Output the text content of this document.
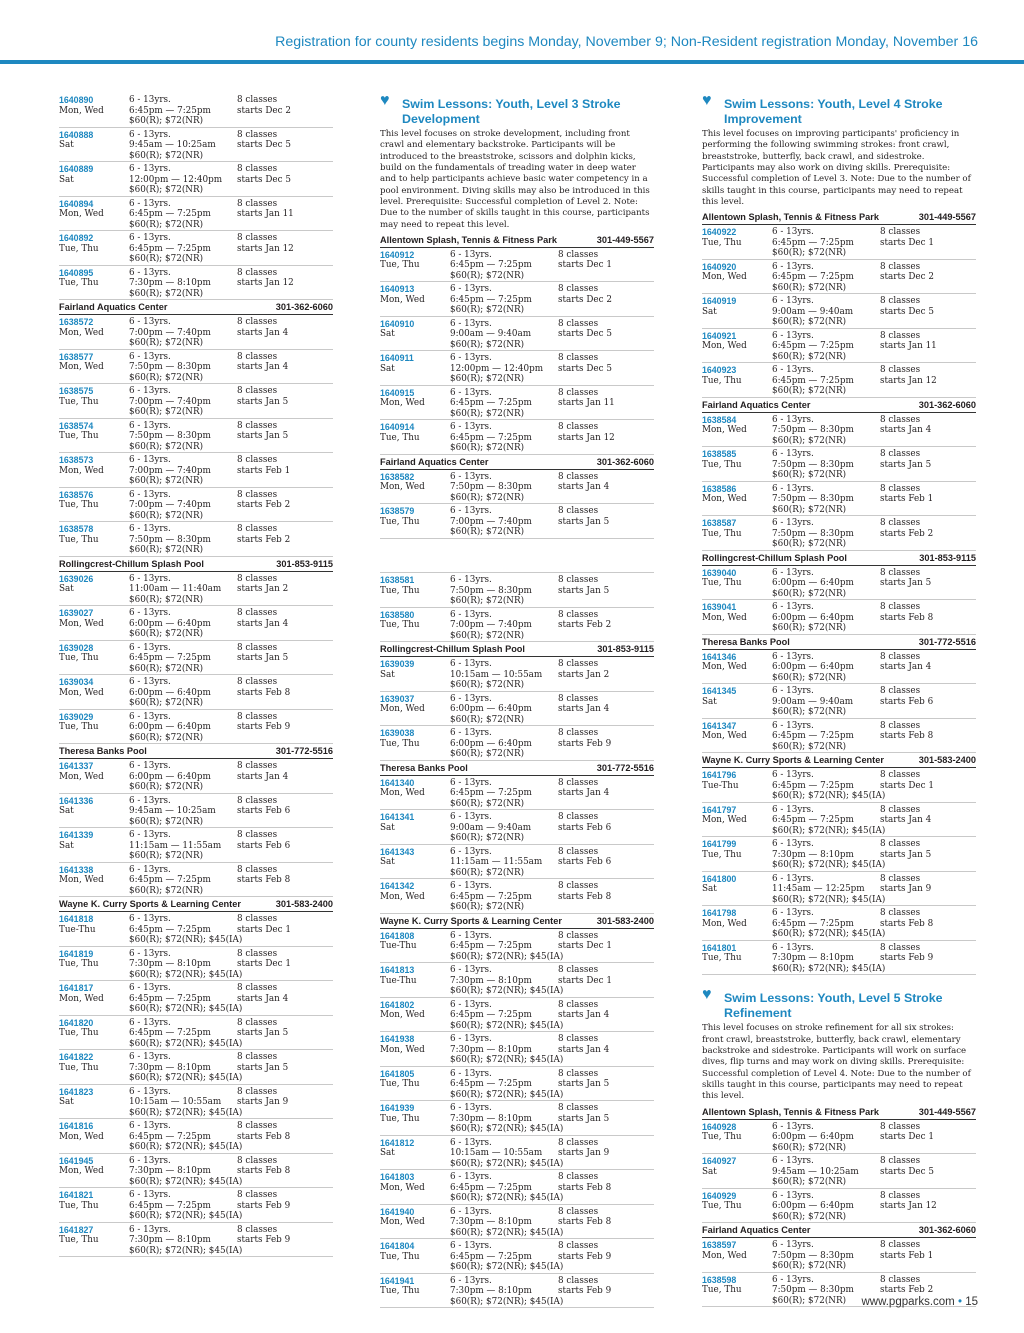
Registration for county residents begins Monday, November 9; Non-Resident registration Monday, November 16
1640890
Mon, Wed
6 - 13yrs.
6:45pm — 7:25pm
$60(R); $72(NR)
8 classes
starts Dec 2
1640888
Sat
6 - 13yrs.
9:45am — 10:25am
$60(R); $72(NR)
8 classes
starts Dec 5
1640889
Sat
6 - 13yrs.
12:00pm — 12:40pm
$60(R); $72(NR)
8 classes
starts Dec 5
1640894
Mon, Wed
6 - 13yrs.
6:45pm — 7:25pm
$60(R); $72(NR)
8 classes
starts Jan 11
1640892
Tue, Thu
6 - 13yrs.
6:45pm — 7:25pm
$60(R); $72(NR)
8 classes
starts Jan 12
1640895
Tue, Thu
6 - 13yrs.
7:30pm — 8:10pm
$60(R); $72(NR)
8 classes
starts Jan 12
Fairland Aquatics Center	301-362-6060
1638572
Mon, Wed
6 - 13yrs.
7:00pm — 7:40pm
$60(R); $72(NR)
8 classes
starts Jan 4
1638577
Mon, Wed
6 - 13yrs.
7:50pm — 8:30pm
$60(R); $72(NR)
8 classes
starts Jan 4
1638575
Tue, Thu
6 - 13yrs.
7:00pm — 7:40pm
$60(R); $72(NR)
8 classes
starts Jan 5
1638574
Tue, Thu
6 - 13yrs.
7:50pm — 8:30pm
$60(R); $72(NR)
8 classes
starts Jan 5
1638573
Mon, Wed
6 - 13yrs.
7:00pm — 7:40pm
$60(R); $72(NR)
8 classes
starts Feb 1
1638576
Tue, Thu
6 - 13yrs.
7:00pm — 7:40pm
$60(R); $72(NR)
8 classes
starts Feb 2
1638578
Tue, Thu
6 - 13yrs.
7:50pm — 8:30pm
$60(R); $72(NR)
8 classes
starts Feb 2
Rollingcrest-Chillum Splash Pool	301-853-9115
1639026
Sat
6 - 13yrs.
11:00am — 11:40am
$60(R); $72(NR)
8 classes
starts Jan 2
1639027
Mon, Wed
6 - 13yrs.
6:00pm — 6:40pm
$60(R); $72(NR)
8 classes
starts Jan 4
1639028
Tue, Thu
6 - 13yrs.
6:45pm — 7:25pm
$60(R); $72(NR)
8 classes
starts Jan 5
1639034
Mon, Wed
6 - 13yrs.
6:00pm — 6:40pm
$60(R); $72(NR)
8 classes
starts Feb 8
1639029
Tue, Thu
6 - 13yrs.
6:00pm — 6:40pm
$60(R); $72(NR)
8 classes
starts Feb 9
Theresa Banks Pool	301-772-5516
1641337
Mon, Wed
6 - 13yrs.
6:00pm — 6:40pm
$60(R); $72(NR)
8 classes
starts Jan 4
1641336
Sat
6 - 13yrs.
9:45am — 10:25am
$60(R); $72(NR)
8 classes
starts Feb 6
1641339
Sat
6 - 13yrs.
11:15am — 11:55am
$60(R); $72(NR)
8 classes
starts Feb 6
1641338
Mon, Wed
6 - 13yrs.
6:45pm — 7:25pm
$60(R); $72(NR)
8 classes
starts Feb 8
Wayne K. Curry Sports & Learning Center	301-583-2400
1641818
Tue-Thu
6 - 13yrs.
6:45pm — 7:25pm
$60(R); $72(NR); $45(IA)
8 classes
starts Dec 1
1641819
Tue, Thu
6 - 13yrs.
7:30pm — 8:10pm
$60(R); $72(NR); $45(IA)
8 classes
starts Dec 1
1641817
Mon, Wed
6 - 13yrs.
6:45pm — 7:25pm
$60(R); $72(NR); $45(IA)
8 classes
starts Jan 4
1641820
Tue, Thu
6 - 13yrs.
6:45pm — 7:25pm
$60(R); $72(NR); $45(IA)
8 classes
starts Jan 5
1641822
Tue, Thu
6 - 13yrs.
7:30pm — 8:10pm
$60(R); $72(NR); $45(IA)
8 classes
starts Jan 5
1641823
Sat
6 - 13yrs.
10:15am — 10:55am
$60(R); $72(NR); $45(IA)
8 classes
starts Jan 9
1641816
Mon, Wed
6 - 13yrs.
6:45pm — 7:25pm
$60(R); $72(NR); $45(IA)
8 classes
starts Feb 8
1641945
Mon, Wed
6 - 13yrs.
7:30pm — 8:10pm
$60(R); $72(NR); $45(IA)
8 classes
starts Feb 8
1641821
Tue, Thu
6 - 13yrs.
6:45pm — 7:25pm
$60(R); $72(NR); $45(IA)
8 classes
starts Feb 9
1641827
Tue, Thu
6 - 13yrs.
7:30pm — 8:10pm
$60(R); $72(NR); $45(IA)
8 classes
starts Feb 9
♥ Swim Lessons: Youth, Level 3 Stroke Development
This level focuses on stroke development, including front crawl and elementary backstroke. Participants will be introduced to the breaststroke, scissors and dolphin kicks, build on the fundamentals of treading water in deep water and to help participants achieve basic water competency in a pool environment. Diving skills may also be introduced in this level. Prerequisite: Successful completion of Level 2. Note: Due to the number of skills taught in this course, participants may need to repeat this level.
Allentown Splash, Tennis & Fitness Park	301-449-5567
1640912
Tue, Thu
6 - 13yrs.
6:45pm — 7:25pm
$60(R); $72(NR)
8 classes
starts Dec 1
1640913
Mon, Wed
6 - 13yrs.
6:45pm — 7:25pm
$60(R); $72(NR)
8 classes
starts Dec 2
1640910
Sat
6 - 13yrs.
9:00am — 9:40am
$60(R); $72(NR)
8 classes
starts Dec 5
1640911
Sat
6 - 13yrs.
12:00pm — 12:40pm
$60(R); $72(NR)
8 classes
starts Dec 5
1640915
Mon, Wed
6 - 13yrs.
6:45pm — 7:25pm
$60(R); $72(NR)
8 classes
starts Jan 11
1640914
Tue, Thu
6 - 13yrs.
6:45pm — 7:25pm
$60(R); $72(NR)
8 classes
starts Jan 12
Fairland Aquatics Center	301-362-6060
1638582
Mon, Wed
6 - 13yrs.
7:50pm — 8:30pm
$60(R); $72(NR)
8 classes
starts Jan 4
1638579
Tue, Thu
6 - 13yrs.
7:00pm — 7:40pm
$60(R); $72(NR)
8 classes
starts Jan 5
1638581
Tue, Thu
6 - 13yrs.
7:50pm — 8:30pm
$60(R); $72(NR)
8 classes
starts Jan 5
1638580
Tue, Thu
6 - 13yrs.
7:00pm — 7:40pm
$60(R); $72(NR)
8 classes
starts Feb 2
Rollingcrest-Chillum Splash Pool	301-853-9115
1639039
Sat
6 - 13yrs.
10:15am — 10:55am
$60(R); $72(NR)
8 classes
starts Jan 2
1639037
Mon, Wed
6 - 13yrs.
6:00pm — 6:40pm
$60(R); $72(NR)
8 classes
starts Jan 4
1639038
Tue, Thu
6 - 13yrs.
6:00pm — 6:40pm
$60(R); $72(NR)
8 classes
starts Feb 9
Theresa Banks Pool	301-772-5516
1641340
Mon, Wed
6 - 13yrs.
6:45pm — 7:25pm
$60(R); $72(NR)
8 classes
starts Jan 4
1641341
Sat
6 - 13yrs.
9:00am — 9:40am
$60(R); $72(NR)
8 classes
starts Feb 6
1641343
Sat
6 - 13yrs.
11:15am — 11:55am
$60(R); $72(NR)
8 classes
starts Feb 6
1641342
Mon, Wed
6 - 13yrs.
6:45pm — 7:25pm
$60(R); $72(NR)
8 classes
starts Feb 8
Wayne K. Curry Sports & Learning Center	301-583-2400
1641808
Tue-Thu
6 - 13yrs.
6:45pm — 7:25pm
$60(R); $72(NR); $45(IA)
8 classes
starts Dec 1
1641813
Tue-Thu
6 - 13yrs.
7:30pm — 8:10pm
$60(R); $72(NR); $45(IA)
8 classes
starts Dec 1
1641802
Mon, Wed
6 - 13yrs.
6:45pm — 7:25pm
$60(R); $72(NR); $45(IA)
8 classes
starts Jan 4
1641938
Mon, Wed
6 - 13yrs.
7:30pm — 8:10pm
$60(R); $72(NR); $45(IA)
8 classes
starts Jan 4
1641805
Tue, Thu
6 - 13yrs.
6:45pm — 7:25pm
$60(R); $72(NR); $45(IA)
8 classes
starts Jan 5
1641939
Tue, Thu
6 - 13yrs.
7:30pm — 8:10pm
$60(R); $72(NR); $45(IA)
8 classes
starts Jan 5
1641812
Sat
6 - 13yrs.
10:15am — 10:55am
$60(R); $72(NR); $45(IA)
8 classes
starts Jan 9
1641803
Mon, Wed
6 - 13yrs.
6:45pm — 7:25pm
$60(R); $72(NR); $45(IA)
8 classes
starts Feb 8
1641940
Mon, Wed
6 - 13yrs.
7:30pm — 8:10pm
$60(R); $72(NR); $45(IA)
8 classes
starts Feb 8
1641804
Tue, Thu
6 - 13yrs.
6:45pm — 7:25pm
$60(R); $72(NR); $45(IA)
8 classes
starts Feb 9
1641941
Tue, Thu
6 - 13yrs.
7:30pm — 8:10pm
$60(R); $72(NR); $45(IA)
8 classes
starts Feb 9
♥ Swim Lessons: Youth, Level 4 Stroke Improvement
This level focuses on improving participants' proficiency in performing the following swimming strokes: front crawl, breaststroke, butterfly, back crawl, and sidestroke. Participants may also work on diving skills. Prerequisite: Successful completion of Level 3. Note: Due to the number of skills taught in this course, participants may need to repeat this level.
Allentown Splash, Tennis & Fitness Park	301-449-5567
1640922
Tue, Thu
6 - 13yrs.
6:45pm — 7:25pm
$60(R); $72(NR)
8 classes
starts Dec 1
1640920
Mon, Wed
6 - 13yrs.
6:45pm — 7:25pm
$60(R); $72(NR)
8 classes
starts Dec 2
1640919
Sat
6 - 13yrs.
9:00am — 9:40am
$60(R); $72(NR)
8 classes
starts Dec 5
1640921
Mon, Wed
6 - 13yrs.
6:45pm — 7:25pm
$60(R); $72(NR)
8 classes
starts Jan 11
1640923
Tue, Thu
6 - 13yrs.
6:45pm — 7:25pm
$60(R); $72(NR)
8 classes
starts Jan 12
Fairland Aquatics Center	301-362-6060
1638584
Mon, Wed
6 - 13yrs.
7:50pm — 8:30pm
$60(R); $72(NR)
8 classes
starts Jan 4
1638585
Tue, Thu
6 - 13yrs.
7:50pm — 8:30pm
$60(R); $72(NR)
8 classes
starts Jan 5
1638586
Mon, Wed
6 - 13yrs.
7:50pm — 8:30pm
$60(R); $72(NR)
8 classes
starts Feb 1
1638587
Tue, Thu
6 - 13yrs.
7:50pm — 8:30pm
$60(R); $72(NR)
8 classes
starts Feb 2
Rollingcrest-Chillum Splash Pool	301-853-9115
1639040
Tue, Thu
6 - 13yrs.
6:00pm — 6:40pm
$60(R); $72(NR)
8 classes
starts Jan 5
1639041
Mon, Wed
6 - 13yrs.
6:00pm — 6:40pm
$60(R); $72(NR)
8 classes
starts Feb 8
Theresa Banks Pool	301-772-5516
1641346
Mon, Wed
6 - 13yrs.
6:00pm — 6:40pm
$60(R); $72(NR)
8 classes
starts Jan 4
1641345
Sat
6 - 13yrs.
9:00am — 9:40am
$60(R); $72(NR)
8 classes
starts Feb 6
1641347
Mon, Wed
6 - 13yrs.
6:45pm — 7:25pm
$60(R); $72(NR)
8 classes
starts Feb 8
Wayne K. Curry Sports & Learning Center	301-583-2400
1641796
Tue-Thu
6 - 13yrs.
6:45pm — 7:25pm
$60(R); $72(NR); $45(IA)
8 classes
starts Dec 1
1641797
Mon, Wed
6 - 13yrs.
6:45pm — 7:25pm
$60(R); $72(NR); $45(IA)
8 classes
starts Jan 4
1641799
Tue, Thu
6 - 13yrs.
7:30pm — 8:10pm
$60(R); $72(NR); $45(IA)
8 classes
starts Jan 5
1641800
Sat
6 - 13yrs.
11:45am — 12:25pm
$60(R); $72(NR); $45(IA)
8 classes
starts Jan 9
1641798
Mon, Wed
6 - 13yrs.
6:45pm — 7:25pm
$60(R); $72(NR); $45(IA)
8 classes
starts Feb 8
1641801
Tue, Thu
6 - 13yrs.
7:30pm — 8:10pm
$60(R); $72(NR); $45(IA)
8 classes
starts Feb 9
♥ Swim Lessons: Youth, Level 5 Stroke Refinement
This level focuses on stroke refinement for all six strokes: front crawl, breaststroke, butterfly, back crawl, elementary backstroke and sidestroke. Participants will work on surface dives, flip turns and may work on diving skills. Prerequisite: Successful completion of Level 4. Note: Due to the number of skills taught in this course, participants may need to repeat this level.
Allentown Splash, Tennis & Fitness Park	301-449-5567
1640928
Tue, Thu
6 - 13yrs.
6:00pm — 6:40pm
$60(R); $72(NR)
8 classes
starts Dec 1
1640927
Sat
6 - 13yrs.
9:45am — 10:25am
$60(R); $72(NR)
8 classes
starts Dec 5
1640929
Tue, Thu
6 - 13yrs.
6:00pm — 6:40pm
$60(R); $72(NR)
8 classes
starts Jan 12
Fairland Aquatics Center	301-362-6060
1638597
Mon, Wed
6 - 13yrs.
7:50pm — 8:30pm
$60(R); $72(NR)
8 classes
starts Feb 1
1638598
Tue, Thu
6 - 13yrs.
7:50pm — 8:30pm
$60(R); $72(NR)
8 classes
starts Feb 2
www.pgparks.com • 15
